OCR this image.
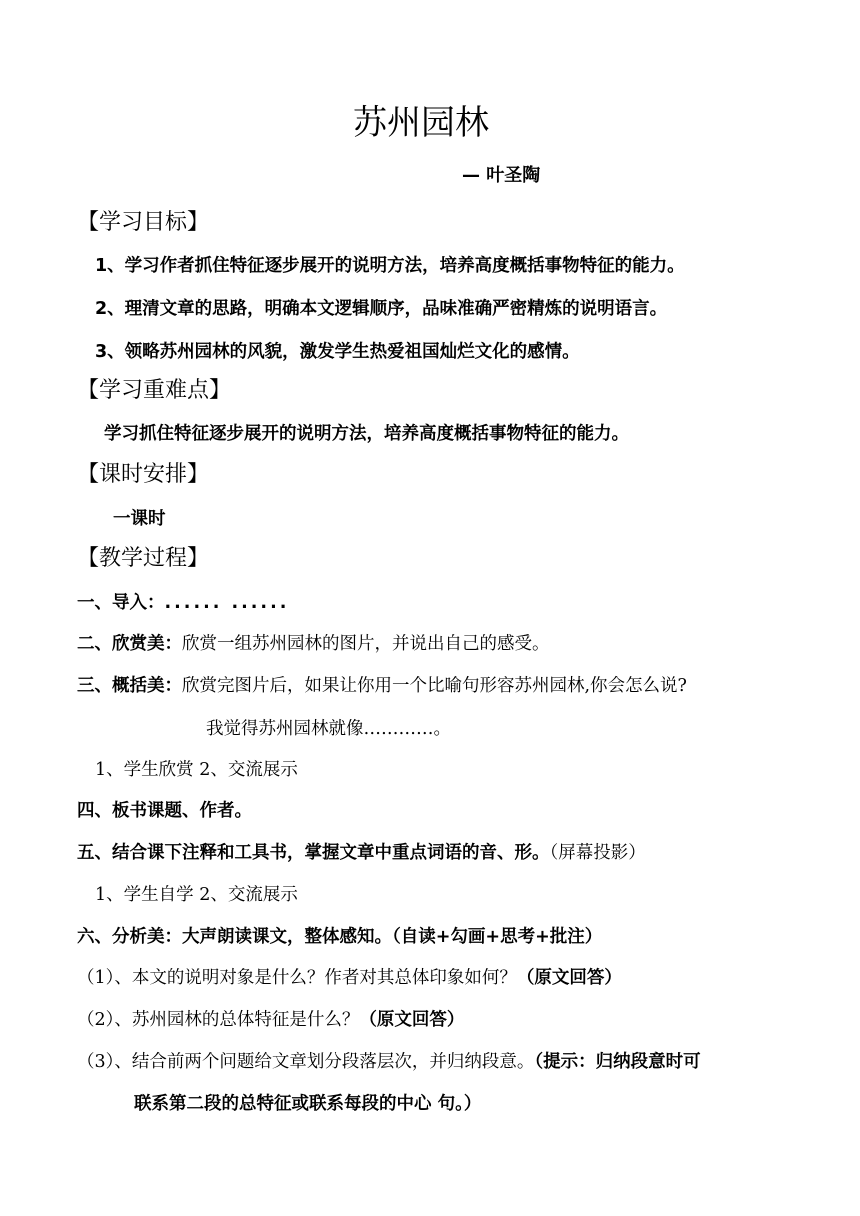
苏州园林
— 叶圣陶
【学习目标】
1、学习作者抓住特征逐步展开的说明方法，培养高度概括事物特征的能力。
2、理清文章的思路，明确本文逻辑顺序，品味准确严密精炼的说明语言。
3、领略苏州园林的风貌，激发学生热爱祖国灿烂文化的感情。
【学习重难点】
学习抓住特征逐步展开的说明方法，培养高度概括事物特征的能力。
【课时安排】
一课时
【教学过程】
一、导入：...... ......
二、欣赏美：欣赏一组苏州园林的图片，并说出自己的感受。
三、概括美：欣赏完图片后，如果让你用一个比喻句形容苏州园林,你会怎么说?
我觉得苏州园林就像…………。
1、学生欣赏 2、交流展示
四、板书课题、作者。
五、结合课下注释和工具书，掌握文章中重点词语的音、形。（屏幕投影）
1、学生自学 2、交流展示
六、分析美：大声朗读课文，整体感知。（自读+勾画+思考+批注）
（1）、本文的说明对象是什么？作者对其总体印象如何？（原文回答）
（2）、苏州园林的总体特征是什么？（原文回答）
（3）、结合前两个问题给文章划分段落层次，并归纳段意。（提示：归纳段意时可
联系第二段的总特征或联系每段的中心 句。）
